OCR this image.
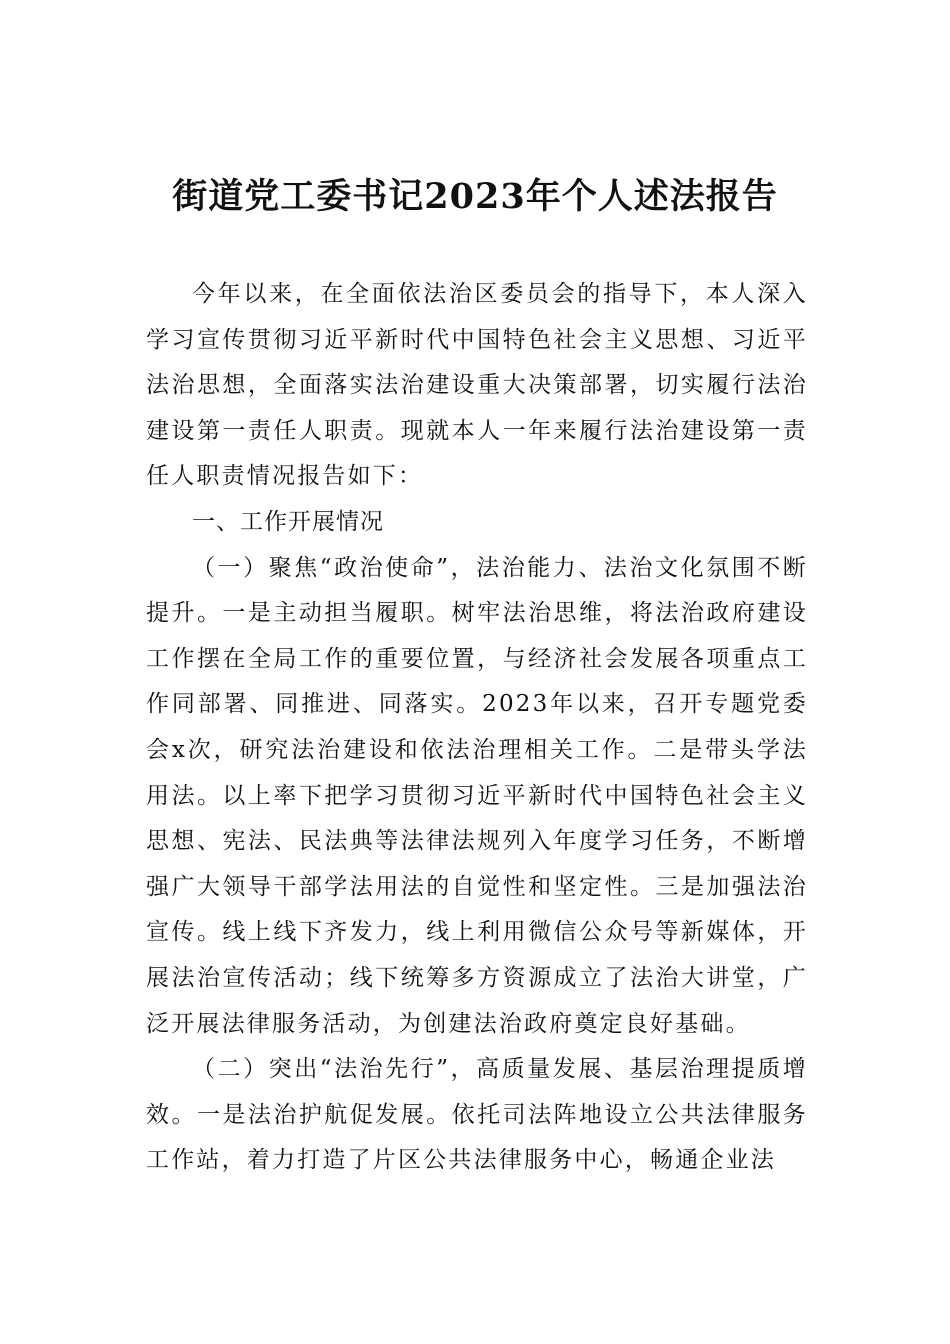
街道党工委书记2023年个人述法报告

今年以来，在全面依法治区委员会的指导下，本人深入学习宣传贯彻习近平新时代中国特色社会主义思想、习近平法治思想，全面落实法治建设重大决策部署，切实履行法治建设第一责任人职责。现就本人一年来履行法治建设第一责任人职责情况报告如下：

一、工作开展情况

（一）聚焦“政治使命”，法治能力、法治文化氛围不断提升。一是主动担当履职。树牢法治思维，将法治政府建设工作摆在全局工作的重要位置，与经济社会发展各项重点工作同部署、同推进、同落实。2023年以来，召开专题党委会x次，研究法治建设和依法治理相关工作。二是带头学法用法。以上率下把学习贯彻习近平新时代中国特色社会主义思想、宪法、民法典等法律法规列入年度学习任务，不断增强广大领导干部学法用法的自觉性和坚定性。三是加强法治宣传。线上线下齐发力，线上利用微信公众号等新媒体，开展法治宣传活动；线下统筹多方资源成立了法治大讲堂，广泛开展法律服务活动，为创建法治政府奠定良好基础。

（二）突出“法治先行”，高质量发展、基层治理提质增效。一是法治护航促发展。依托司法阵地设立公共法律服务工作站，着力打造了片区公共法律服务中心，畅通企业法
